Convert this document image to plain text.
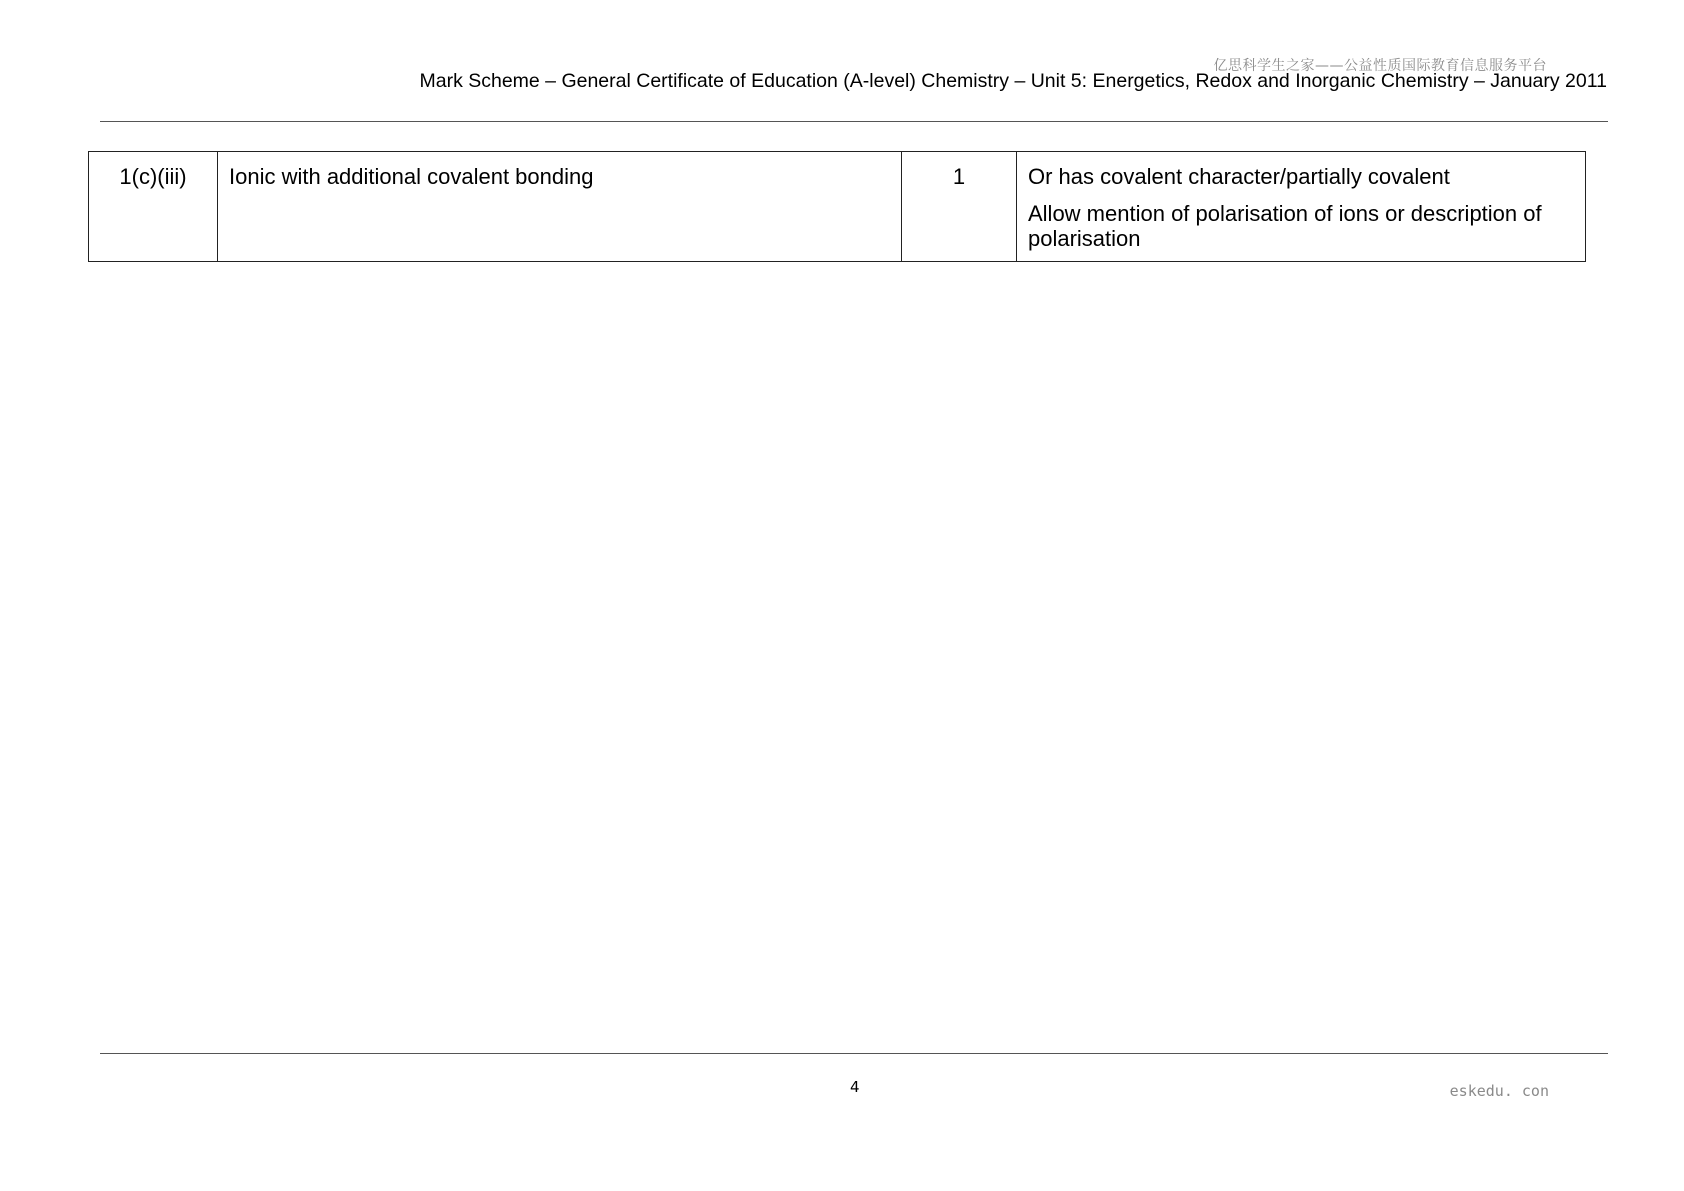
亿思科学生之家——公益性质国际教育信息服务平台
Mark Scheme – General Certificate of Education (A-level) Chemistry – Unit 5: Energetics, Redox and Inorganic Chemistry – January 2011
1(c)(iii)	Ionic with additional covalent bonding	1	Or has covalent character/partially covalent

Allow mention of polarisation of ions or description of polarisation

4	eskedu. con
